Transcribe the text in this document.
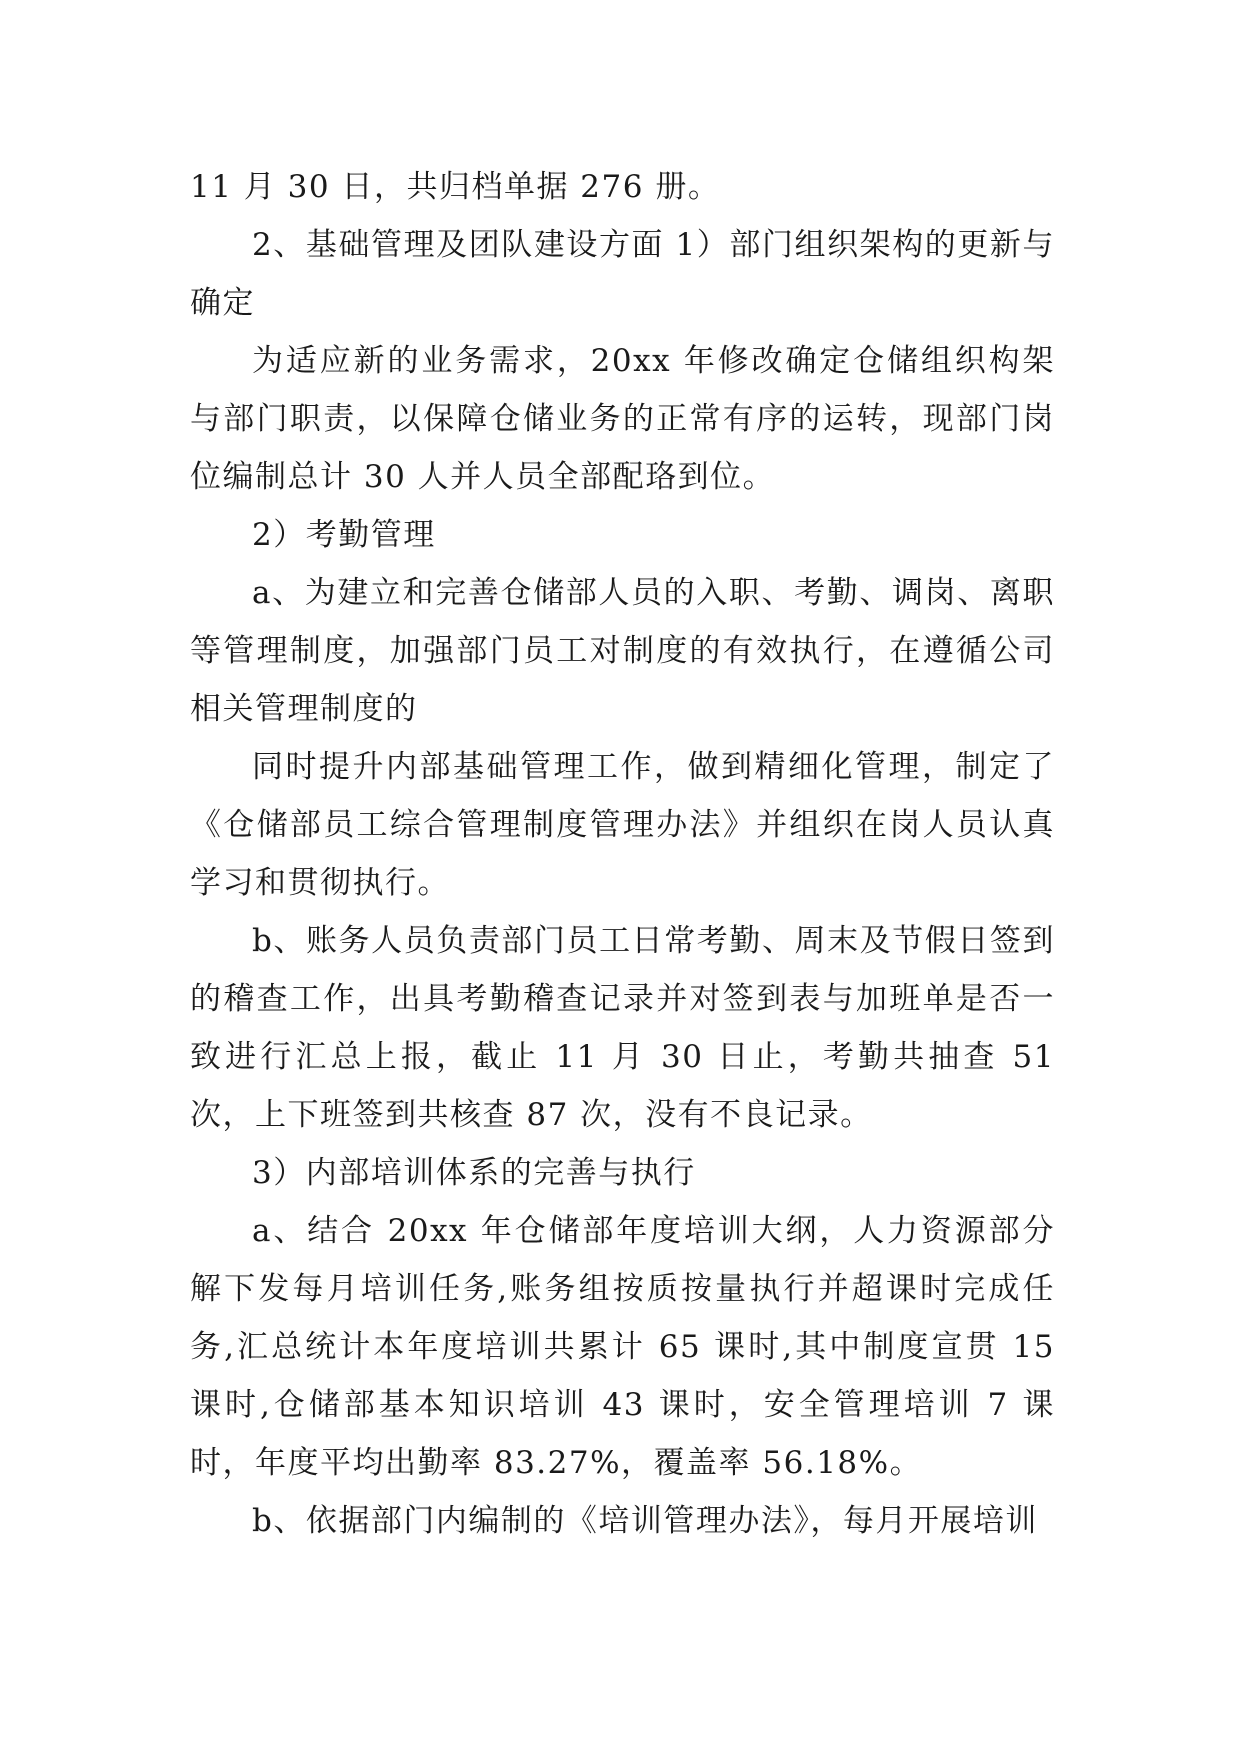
11 月 30 日，共归档单据 276 册。

2、基础管理及团队建设方面 1）部门组织架构的更新与确定

为适应新的业务需求，20xx 年修改确定仓储组织构架与部门职责，以保障仓储业务的正常有序的运转，现部门岗位编制总计 30 人并人员全部配珞到位。

2）考勤管理

a、为建立和完善仓储部人员的入职、考勤、调岗、离职等管理制度，加强部门员工对制度的有效执行，在遵循公司相关管理制度的

同时提升内部基础管理工作，做到精细化管理，制定了《仓储部员工综合管理制度管理办法》并组织在岗人员认真学习和贯彻执行。

b、账务人员负责部门员工日常考勤、周末及节假日签到的稽查工作，出具考勤稽查记录并对签到表与加班单是否一致进行汇总上报，截止 11 月 30 日止，考勤共抽查 51 次，上下班签到共核查 87 次，没有不良记录。

3）内部培训体系的完善与执行

a、结合 20xx 年仓储部年度培训大纲，人力资源部分解下发每月培训任务,账务组按质按量执行并超课时完成任务,汇总统计本年度培训共累计 65 课时,其中制度宣贯 15 课时,仓储部基本知识培训 43 课时，安全管理培训 7 课时，年度平均出勤率 83.27%，覆盖率 56.18%。

b、依据部门内编制的《培训管理办法》，每月开展培训
